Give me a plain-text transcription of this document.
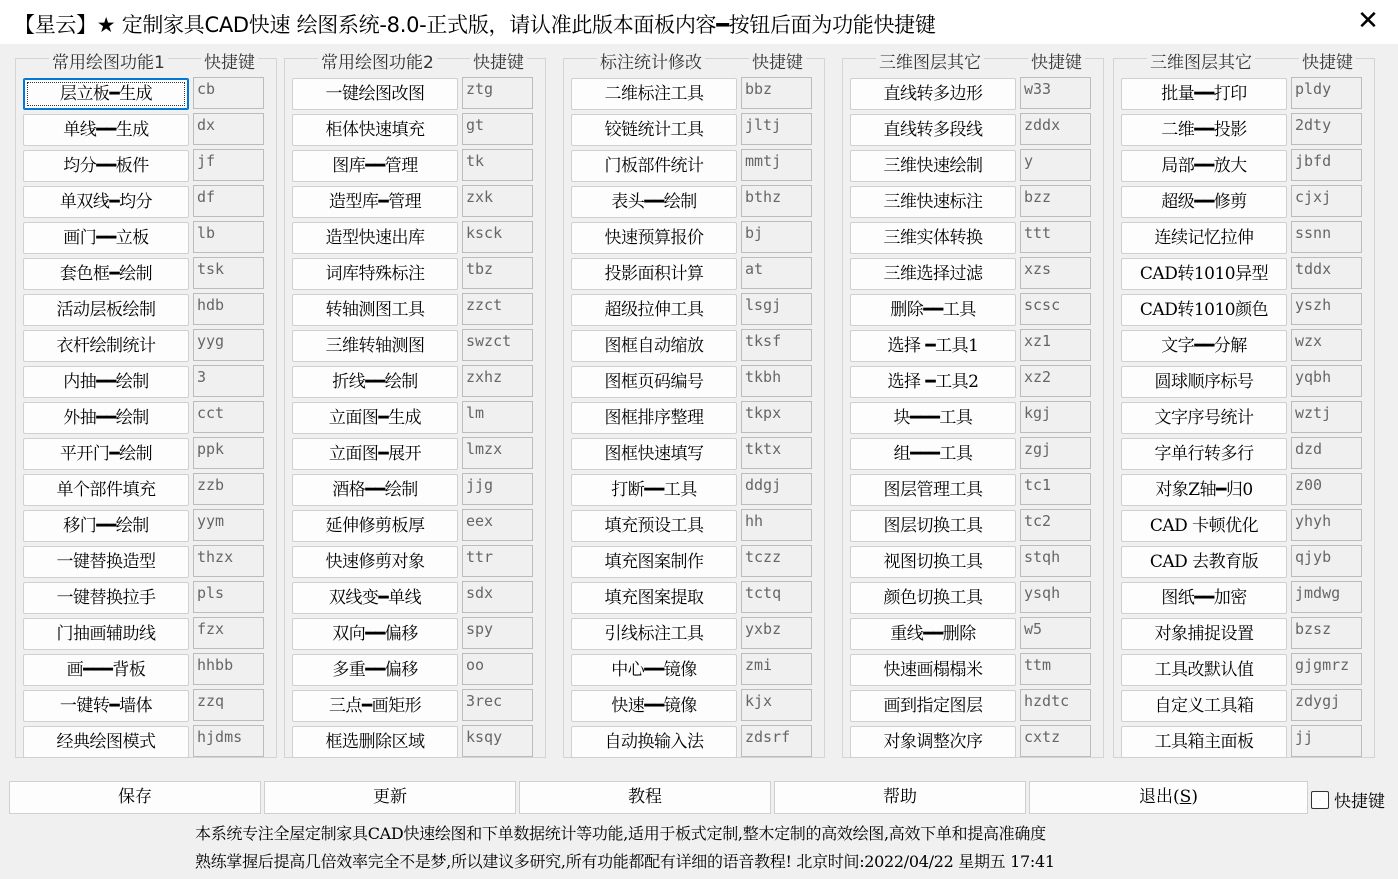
【星云】★ 定制家具CAD快速 绘图系统-8.0-正式版，请认准此版本面板内容━按钮后面为功能快捷键	✕
常用绘图功能1 快捷键
层立板━生成	cb
单线━━生成	dx
均分━━板件	jf
单双线━均分	df
画门━━立板	lb
套色框━绘制	tsk
活动层板绘制	hdb
衣杆绘制统计	yyg
内抽━━绘制	3
外抽━━绘制	cct
平开门━绘制	ppk
单个部件填充	zzb
移门━━绘制	yym
一键替换造型	thzx
一键替换拉手	pls
门抽画辅助线	fzx
画━━━背板	hhbb
一键转━墙体	zzq
经典绘图模式	hjdms
常用绘图功能2 快捷键
一键绘图改图	ztg
柜体快速填充	gt
图库━━管理	tk
造型库━管理	zxk
造型快速出库	ksck
词库特殊标注	tbz
转轴测图工具	zzct
三维转轴测图	swzct
折线━━绘制	zxhz
立面图━生成	lm
立面图━展开	lmzx
酒格━━绘制	jjg
延伸修剪板厚	eex
快速修剪对象	ttr
双线变━单线	sdx
双向━━偏移	spy
多重━━偏移	oo
三点━画矩形	3rec
框选删除区域	ksqy
标注统计修改	快捷键
二维标注工具	bbz
铰链统计工具	jltj
门板部件统计	mmtj
表头━━绘制	bthz
快速预算报价	bj
投影面积计算	at
超级拉伸工具	lsgj
图框自动缩放	tksf
图框页码编号	tkbh
图框排序整理	tkpx
图框快速填写	tktx
打断━━工具	ddgj
填充预设工具	hh
填充图案制作	tczz
填充图案提取	tctq
引线标注工具	yxbz
中心━━镜像	zmi
快速━━镜像	kjx
自动换输入法	zdsrf
三维图层其它	快捷键
直线转多边形	w33
直线转多段线	zddx
三维快速绘制	y
三维快速标注	bzz
三维实体转换	ttt
三维选择过滤	xzs
删除━━工具	scsc
选择 ━工具1	xz1
选择 ━工具2	xz2
块━━━工具	kgj
组━━━工具	zgj
图层管理工具	tc1
图层切换工具	tc2
视图切换工具	stqh
颜色切换工具	ysqh
重线━━删除	w5
快速画榻榻米	ttm
画到指定图层	hzdtc
对象调整次序	cxtz
三维图层其它	快捷键
批量━━打印	pldy
二维━━投影	2dty
局部━━放大	jbfd
超级━━修剪	cjxj
连续记忆拉伸	ssnn
CAD转1010异型	tddx
CAD转1010颜色	yszh
文字━━分解	wzx
圆球顺序标号	yqbh
文字序号统计	wztj
字单行转多行	dzd
对象Z轴━归0	z00
CAD 卡顿优化	yhyh
CAD 去教育版	qjyb
图纸━━加密	jmdwg
对象捕捉设置	bzsz
工具改默认值	gjgmrz
自定义工具箱	zdygj
工具箱主面板	jj
保存	更新	教程	帮助	退出(S)	快捷键
本系统专注全屋定制家具CAD快速绘图和下单数据统计等功能,适用于板式定制,整木定制的高效绘图,高效下单和提高准确度
熟练掌握后提高几倍效率完全不是梦,所以建议多研究,所有功能都配有详细的语音教程! 北京时间:2022/04/22 星期五 17:41
